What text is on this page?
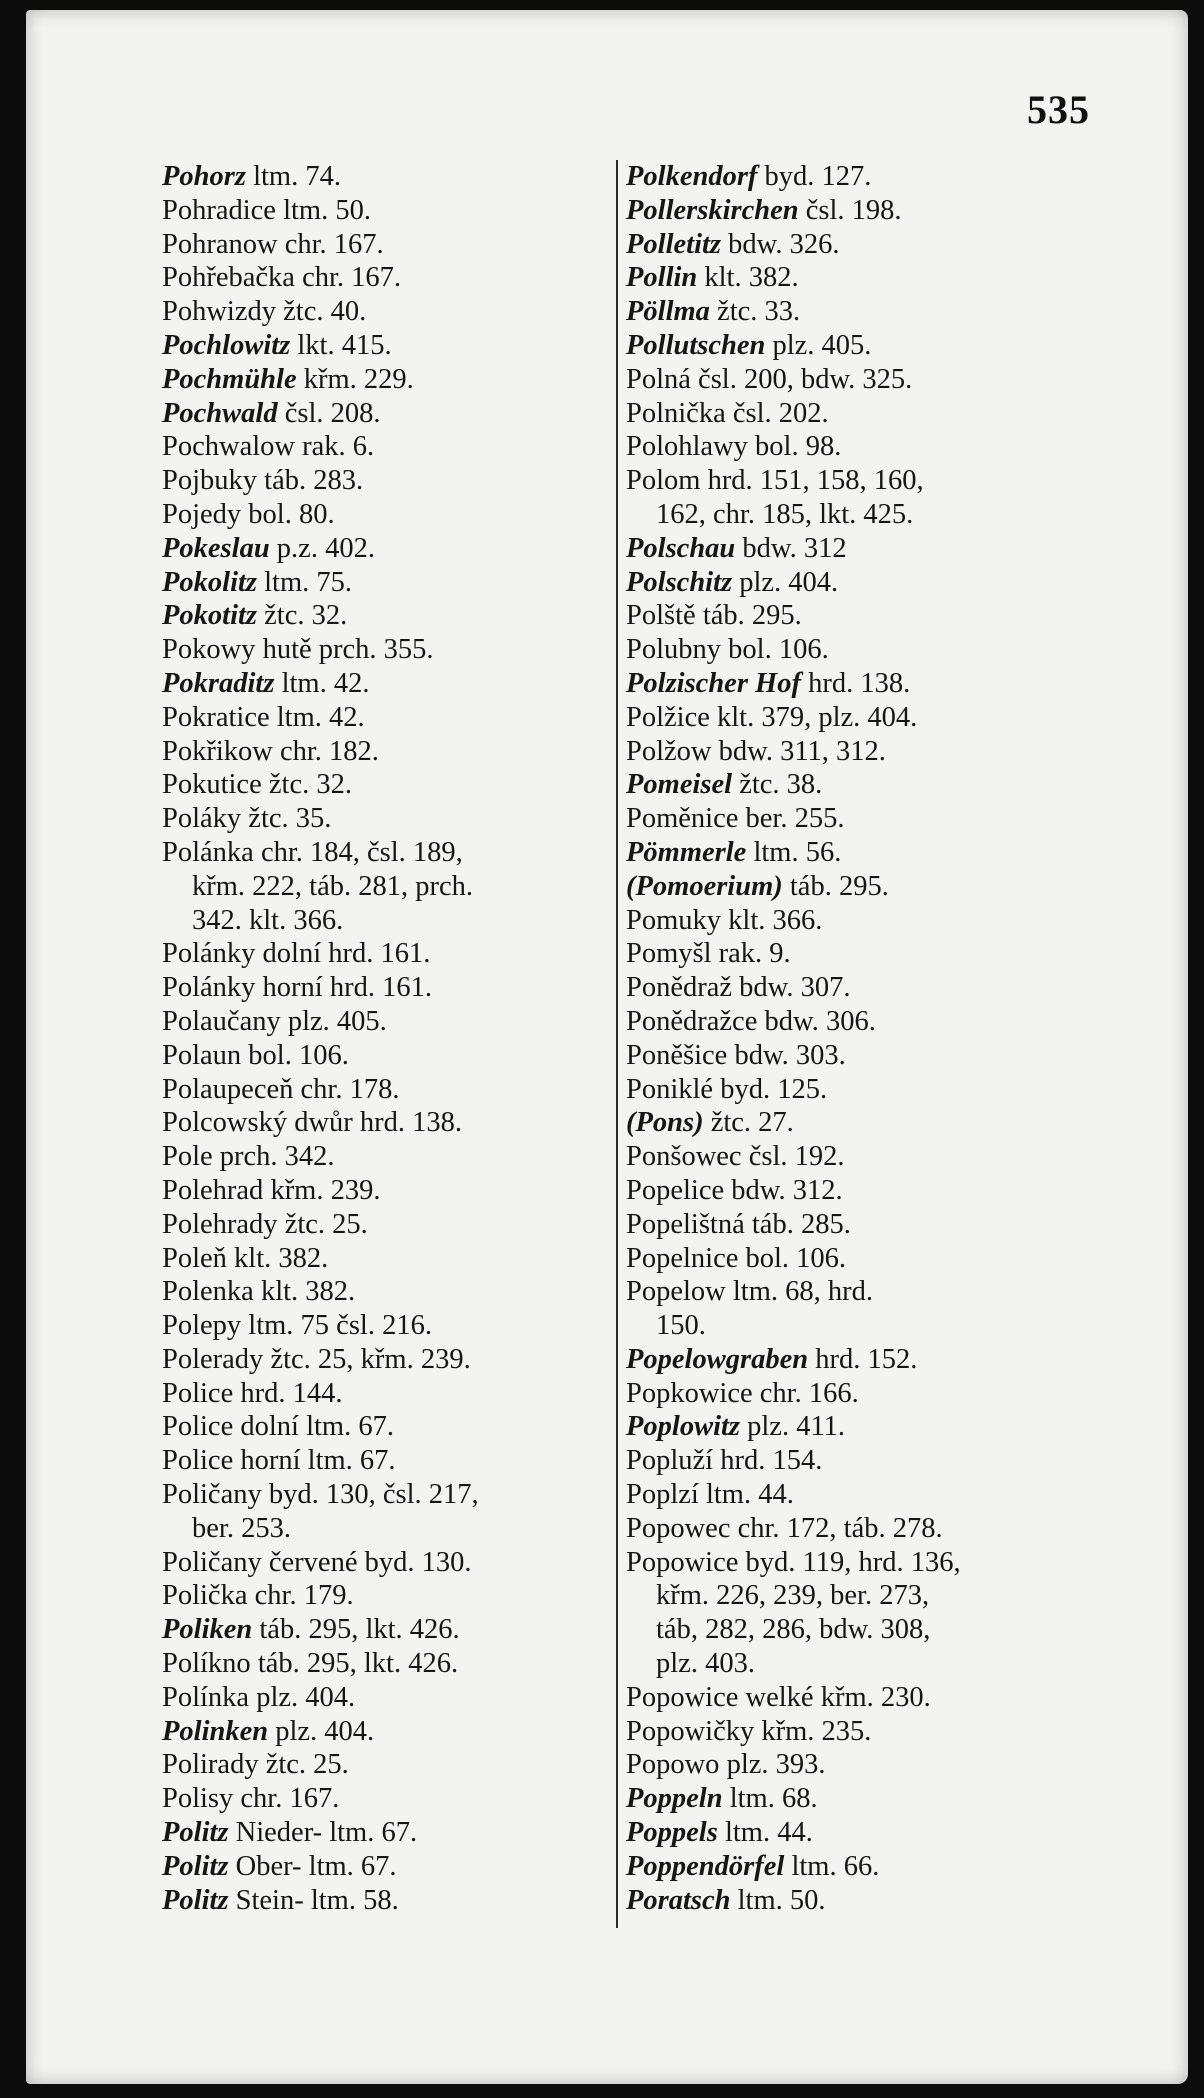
535
Pohorz ltm. 74.
Pohradice ltm. 50.
Pohranow chr. 167.
Pohřebačka chr. 167.
Pohwizdy žtc. 40.
Pochlowitz lkt. 415.
Pochmühle křm. 229.
Pochwald čsl. 208.
Pochwalow rak. 6.
Pojbuky táb. 283.
Pojedy bol. 80.
Pokeslau p.z. 402.
Pokolitz ltm. 75.
Pokotitz žtc. 32.
Pokowy hutě prch. 355.
Pokraditz ltm. 42.
Pokratice ltm. 42.
Pokřikow chr. 182.
Pokutice žtc. 32.
Poláky žtc. 35.
Polánka chr. 184, čsl. 189,
křm. 222, táb. 281, prch.
342. klt. 366.
Polánky dolní hrd. 161.
Polánky horní hrd. 161.
Polaučany plz. 405.
Polaun bol. 106.
Polaupeceň chr. 178.
Polcowský dwůr hrd. 138.
Pole prch. 342.
Polehrad křm. 239.
Polehrady žtc. 25.
Poleň klt. 382.
Polenka klt. 382.
Polepy ltm. 75 čsl. 216.
Polerady žtc. 25, křm. 239.
Police hrd. 144.
Police dolní ltm. 67.
Police horní ltm. 67.
Poličany byd. 130, čsl. 217,
ber. 253.
Poličany červené byd. 130.
Polička chr. 179.
Poliken táb. 295, lkt. 426.
Políkno táb. 295, lkt. 426.
Polínka plz. 404.
Polinken plz. 404.
Polirady žtc. 25.
Polisy chr. 167.
Politz Nieder- ltm. 67.
Politz Ober- ltm. 67.
Politz Stein- ltm. 58.
Polkendorf byd. 127.
Pollerskirchen čsl. 198.
Polletitz bdw. 326.
Pollin klt. 382.
Pöllma žtc. 33.
Pollutschen plz. 405.
Polná čsl. 200, bdw. 325.
Polnička čsl. 202.
Polohlawy bol. 98.
Polom hrd. 151, 158, 160,
162, chr. 185, lkt. 425.
Polschau bdw. 312
Polschitz plz. 404.
Polště táb. 295.
Polubny bol. 106.
Polzischer Hof hrd. 138.
Polžice klt. 379, plz. 404.
Polžow bdw. 311, 312.
Pomeisel žtc. 38.
Poměnice ber. 255.
Pömmerle ltm. 56.
(Pomoerium) táb. 295.
Pomuky klt. 366.
Pomyšl rak. 9.
Ponědraž bdw. 307.
Ponědražce bdw. 306.
Poněšice bdw. 303.
Poniklé byd. 125.
(Pons) žtc. 27.
Ponšowec čsl. 192.
Popelice bdw. 312.
Popelištná táb. 285.
Popelnice bol. 106.
Popelow ltm. 68, hrd.
150.
Popelowgraben hrd. 152.
Popkowice chr. 166.
Poplowitz plz. 411.
Popluží hrd. 154.
Poplzí ltm. 44.
Popowec chr. 172, táb. 278.
Popowice byd. 119, hrd. 136,
křm. 226, 239, ber. 273,
táb, 282, 286, bdw. 308,
plz. 403.
Popowice welké křm. 230.
Popowičky křm. 235.
Popowo plz. 393.
Poppeln ltm. 68.
Poppels ltm. 44.
Poppendörfel ltm. 66.
Poratsch ltm. 50.
